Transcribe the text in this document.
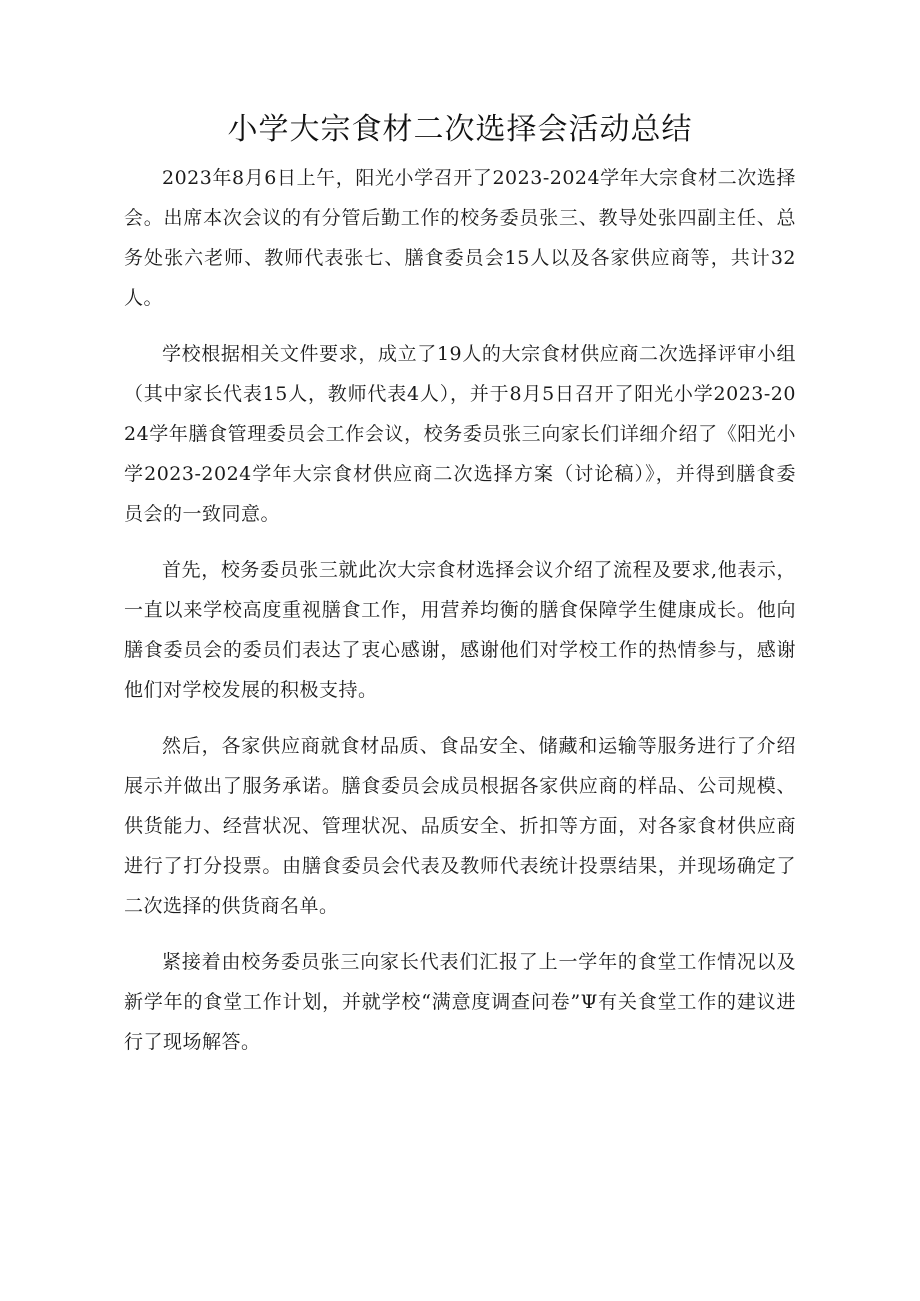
小学大宗食材二次选择会活动总结

2023年8月6日上午，阳光小学召开了2023-2024学年大宗食材二次选择会。出席本次会议的有分管后勤工作的校务委员张三、教导处张四副主任、总务处张六老师、教师代表张七、膳食委员会15人以及各家供应商等，共计32人。

学校根据相关文件要求，成立了19人的大宗食材供应商二次选择评审小组（其中家长代表15人，教师代表4人），并于8月5日召开了阳光小学2023-2024学年膳食管理委员会工作会议，校务委员张三向家长们详细介绍了《阳光小学2023-2024学年大宗食材供应商二次选择方案（讨论稿）》，并得到膳食委员会的一致同意。

首先，校务委员张三就此次大宗食材选择会议介绍了流程及要求,他表示，一直以来学校高度重视膳食工作，用营养均衡的膳食保障学生健康成长。他向膳食委员会的委员们表达了衷心感谢，感谢他们对学校工作的热情参与，感谢他们对学校发展的积极支持。

然后，各家供应商就食材品质、食品安全、储藏和运输等服务进行了介绍展示并做出了服务承诺。膳食委员会成员根据各家供应商的样品、公司规模、供货能力、经营状况、管理状况、品质安全、折扣等方面，对各家食材供应商进行了打分投票。由膳食委员会代表及教师代表统计投票结果，并现场确定了二次选择的供货商名单。

紧接着由校务委员张三向家长代表们汇报了上一学年的食堂工作情况以及新学年的食堂工作计划，并就学校“满意度调查问卷”Ψ有关食堂工作的建议进行了现场解答。
